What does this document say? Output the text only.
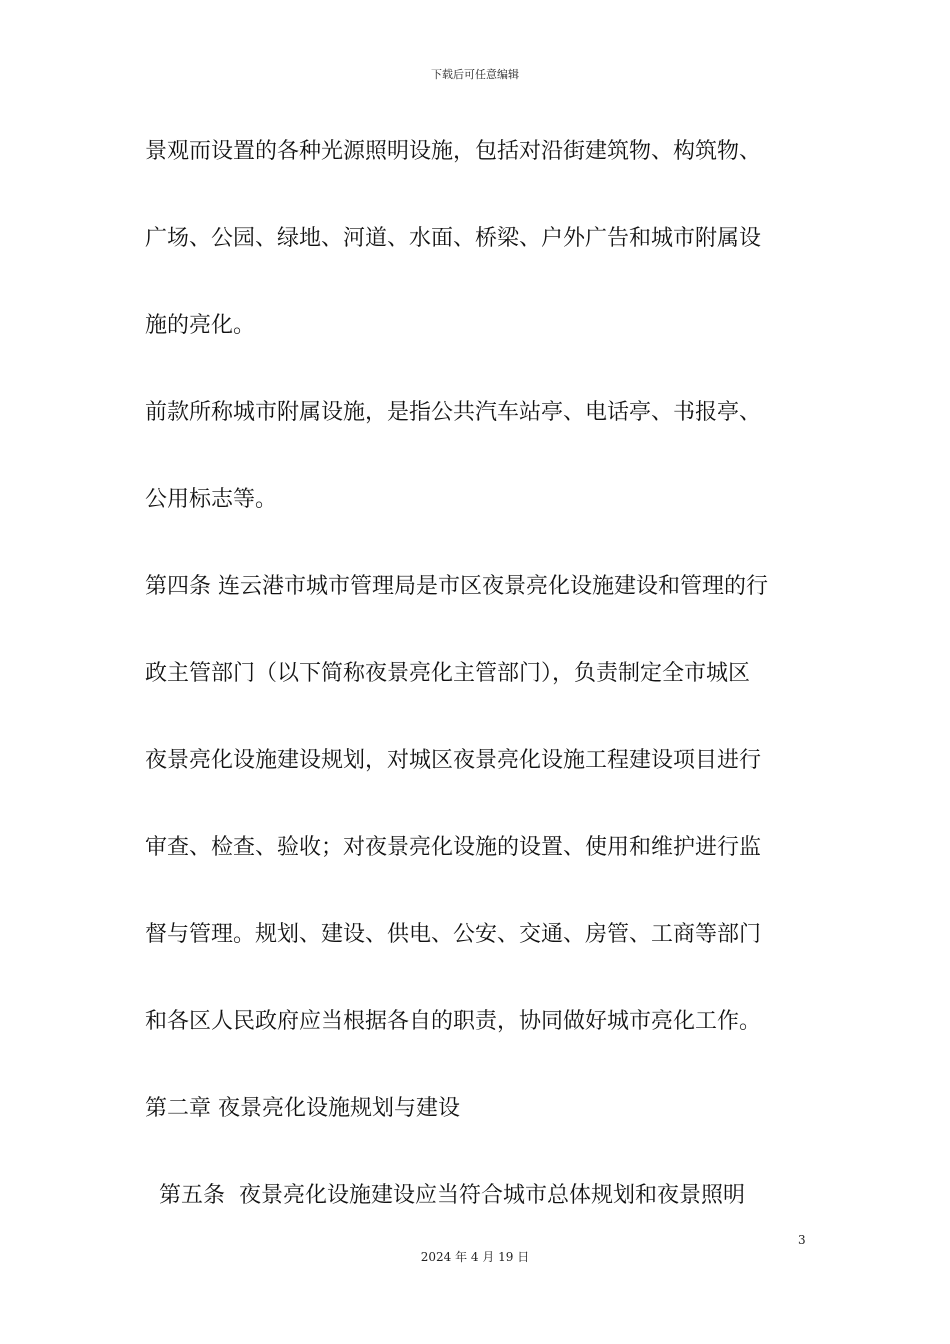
下载后可任意编辑
景观而设置的各种光源照明设施，包括对沿街建筑物、构筑物、
广场、公园、绿地、河道、水面、桥梁、户外广告和城市附属设
施的亮化。
前款所称城市附属设施，是指公共汽车站亭、电话亭、书报亭、
公用标志等。
第四条 连云港市城市管理局是市区夜景亮化设施建设和管理的行
政主管部门（以下简称夜景亮化主管部门），负责制定全市城区
夜景亮化设施建设规划，对城区夜景亮化设施工程建设项目进行
审查、检查、验收；对夜景亮化设施的设置、使用和维护进行监
督与管理。规划、建设、供电、公安、交通、房管、工商等部门
和各区人民政府应当根据各自的职责，协同做好城市亮化工作。
第二章 夜景亮化设施规划与建设
第五条  夜景亮化设施建设应当符合城市总体规划和夜景照明
3
2024 年 4 月 19 日
